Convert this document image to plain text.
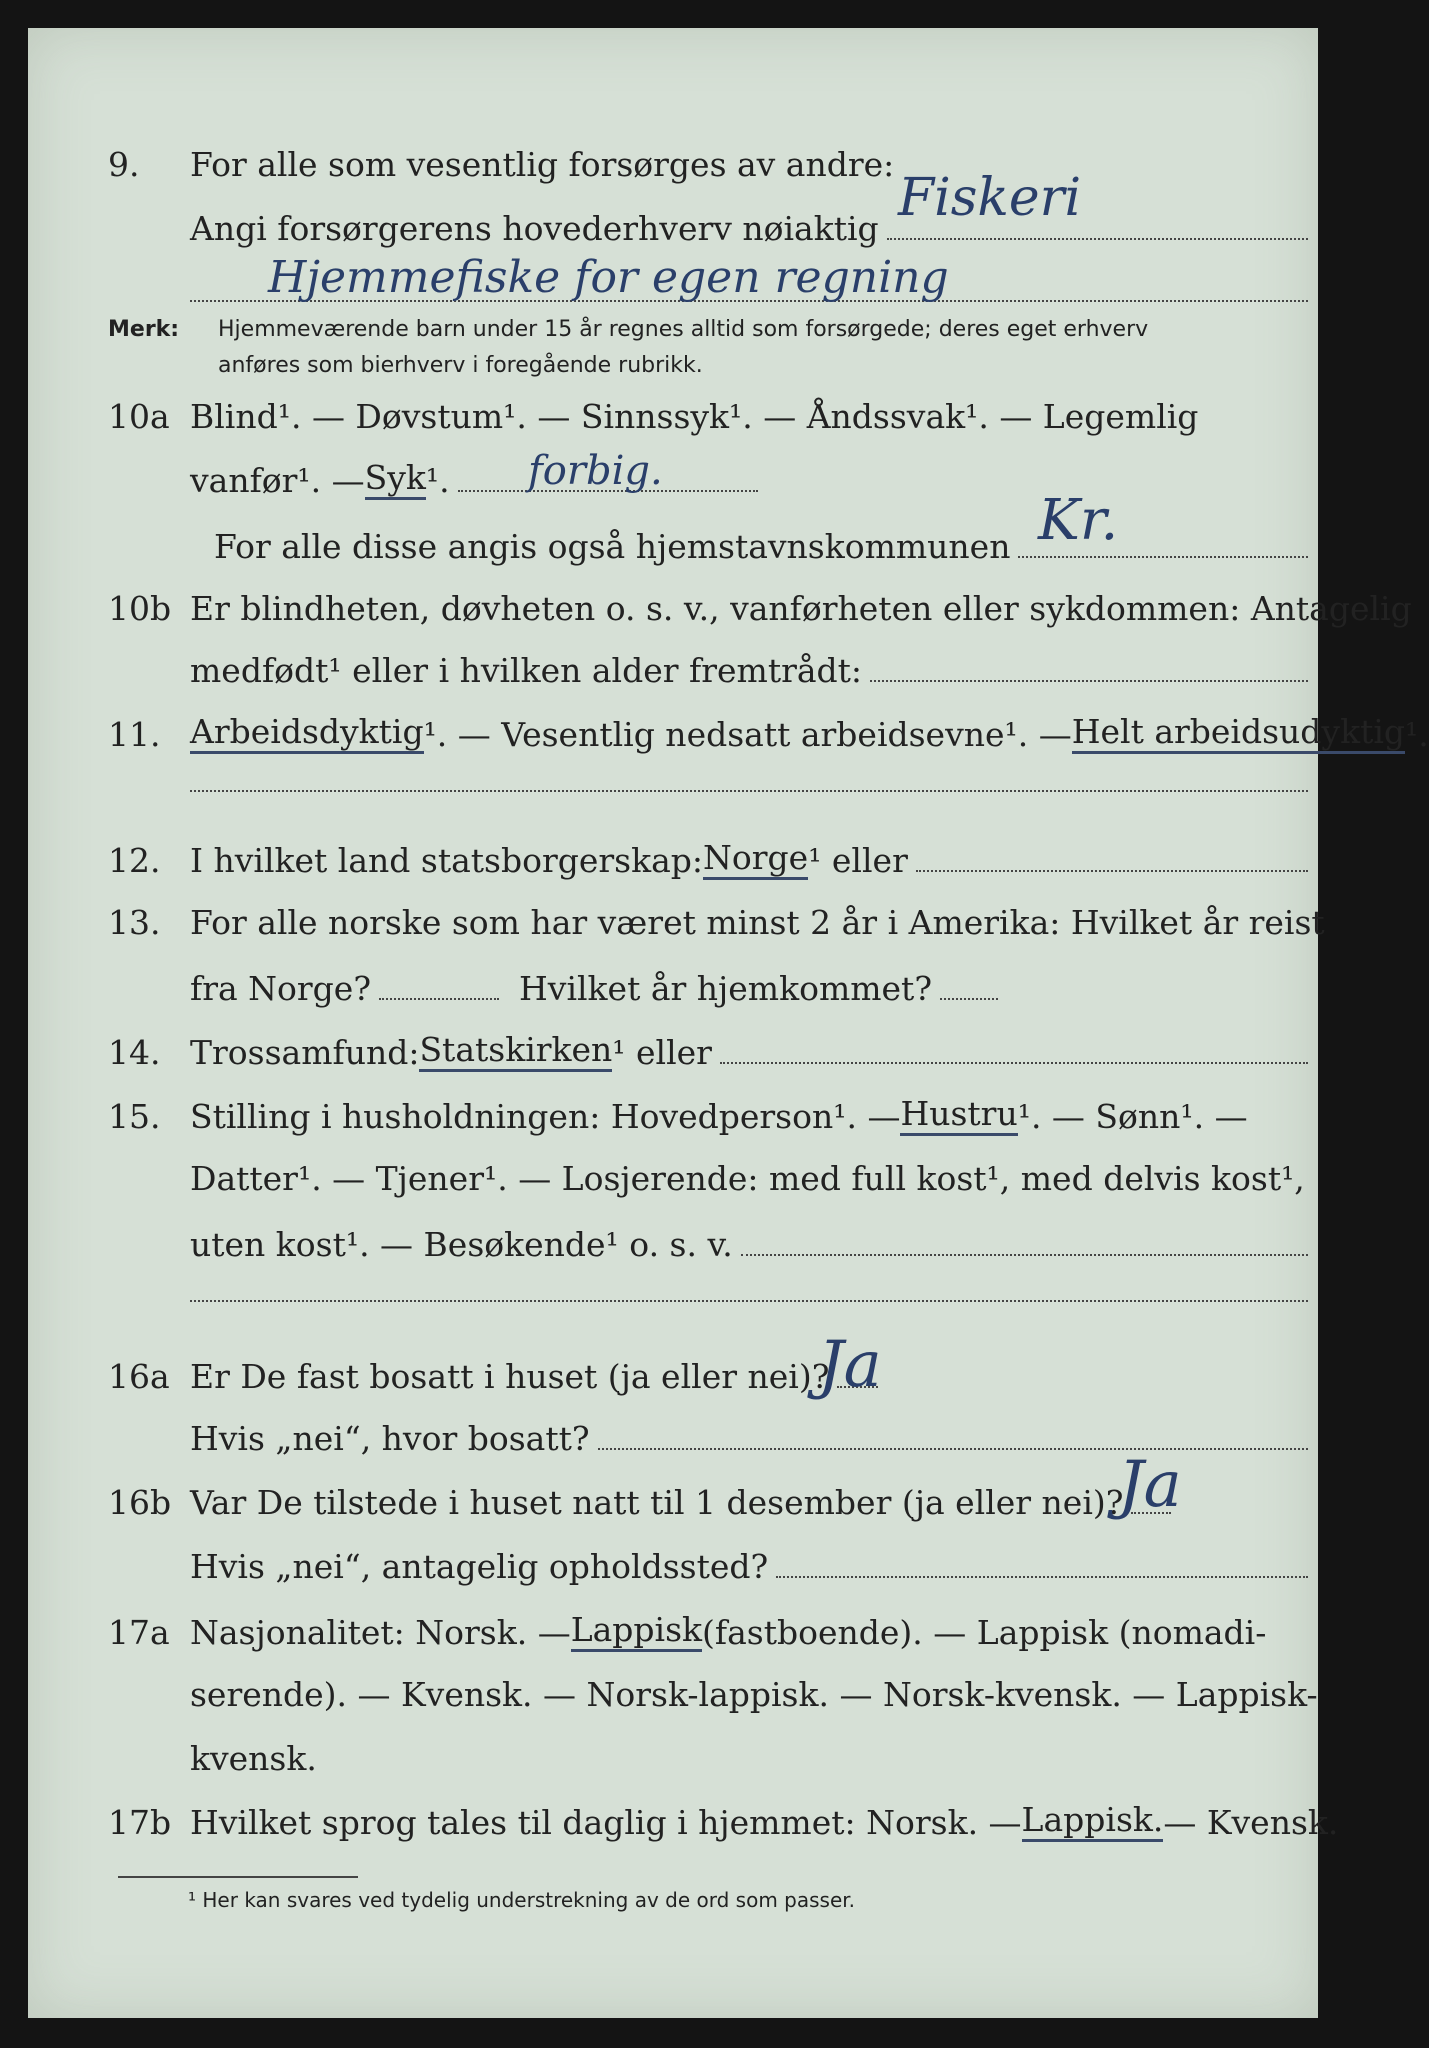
9.	For alle som vesentlig forsørges av andre:
Angi forsørgerens hovederhverv nøiaktig
Fiskeri
Hjemmefiske for egen regning
Merk: Hjemmeværende barn under 15 år regnes alltid som forsørgede; deres eget erhverv
anføres som bierhverv i foregående rubrikk.
10a Blind¹. — Døvstum¹. — Sinnssyk¹. — Åndssvak¹. — Legemlig
vanfør¹. — Syk ¹. forbig.
For alle disse angis også hjemstavnskommunen Kr.
10b Er blindheten, døvheten o. s. v., vanførheten eller sykdommen: Antagelig
medfødt¹ eller i hvilken alder fremtrådt:
11. Arbeidsdyktig ¹. — Vesentlig nedsatt arbeidsevne¹. — Helt arbeidsudyktig ¹.
12. I hvilket land statsborgerskap: Norge ¹ eller
13. For alle norske som har været minst 2 år i Amerika: Hvilket år reist
fra Norge?	Hvilket år hjemkommet?
14. Trossamfund: Statskirken ¹ eller
15. Stilling i husholdningen: Hovedperson¹. — Hustru ¹. — Sønn¹. —
Datter¹. — Tjener¹. — Losjerende: med full kost¹, med delvis kost¹,
uten kost¹. — Besøkende¹ o. s. v.
16a Er De fast bosatt i huset (ja eller nei)?
Ja
Hvis „nei“, hvor bosatt?
16b Var De tilstede i huset natt til 1 desember (ja eller nei)?
Ja
Hvis „nei“, antagelig opholdssted?
17a Nasjonalitet: Norsk. — Lappisk (fastboende). — Lappisk (nomadi-
serende). — Kvensk. — Norsk-lappisk. — Norsk-kvensk. — Lappisk-
kvensk.
17b Hvilket sprog tales til daglig i hjemmet: Norsk. — Lappisk. — Kvensk.
¹ Her kan svares ved tydelig understrekning av de ord som passer.
